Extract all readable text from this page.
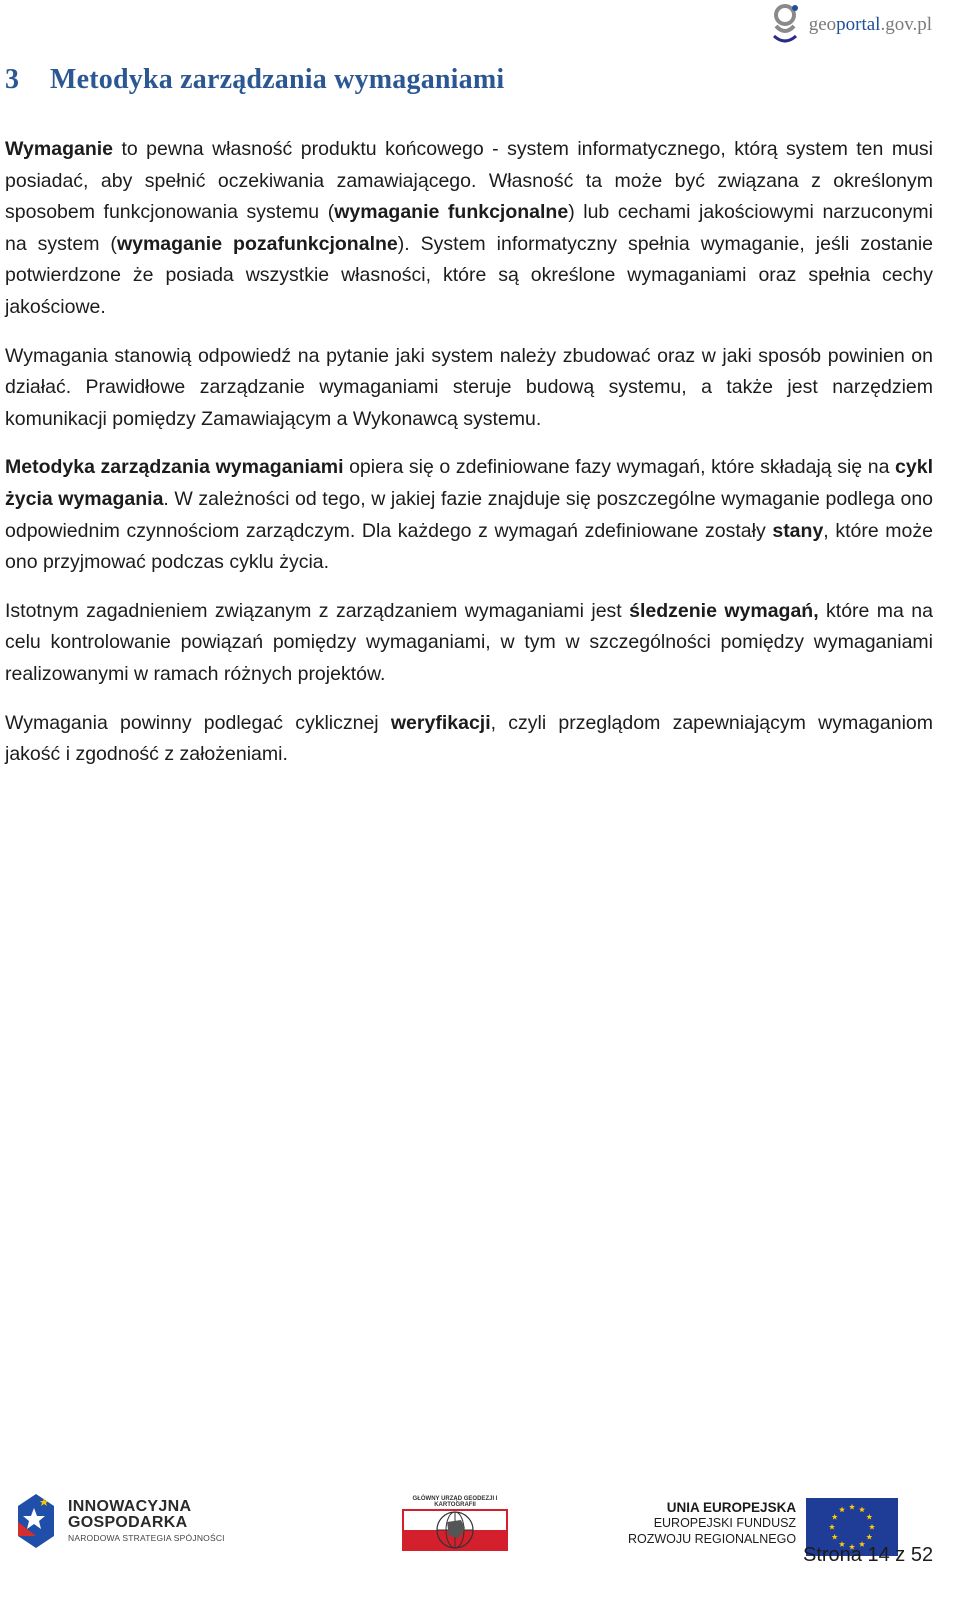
geoportal.gov.pl
3 Metodyka zarządzania wymaganiami

Wymaganie to pewna własność produktu końcowego - system informatycznego, którą system ten musi posiadać, aby spełnić oczekiwania zamawiającego. Własność ta może być związana z określonym sposobem funkcjonowania systemu (wymaganie funkcjonalne) lub cechami jakościowymi narzuconymi na system (wymaganie pozafunkcjonalne). System informatyczny spełnia wymaganie, jeśli zostanie potwierdzone że posiada wszystkie własności, które są określone wymaganiami oraz spełnia cechy jakościowe.

Wymagania stanowią odpowiedź na pytanie jaki system należy zbudować oraz w jaki sposób powinien on działać. Prawidłowe zarządzanie wymaganiami steruje budową systemu, a także jest narzędziem komunikacji pomiędzy Zamawiającym a Wykonawcą systemu.

Metodyka zarządzania wymaganiami opiera się o zdefiniowane fazy wymagań, które składają się na cykl życia wymagania. W zależności od tego, w jakiej fazie znajduje się poszczególne wymaganie podlega ono odpowiednim czynnościom zarządczym. Dla każdego z wymagań zdefiniowane zostały stany, które może ono przyjmować podczas cyklu życia.

Istotnym zagadnieniem związanym z zarządzaniem wymaganiami jest śledzenie wymagań, które ma na celu kontrolowanie powiązań pomiędzy wymaganiami, w tym w szczególności pomiędzy wymaganiami realizowanymi w ramach różnych projektów.

Wymagania powinny podlegać cyklicznej weryfikacji, czyli przeglądom zapewniającym wymaganiom jakość i zgodność z założeniami.

INNOWACYJNA
GOSPODARKA
NARODOWA STRATEGIA SPÓJNOŚCI
GŁÓWNY URZĄD GEODEZJI I KARTOGRAFII	UNIA EUROPEJSKA
EUROPEJSKI FUNDUSZ
ROZWOJU REGIONALNEGO
Strona 14 z 52
